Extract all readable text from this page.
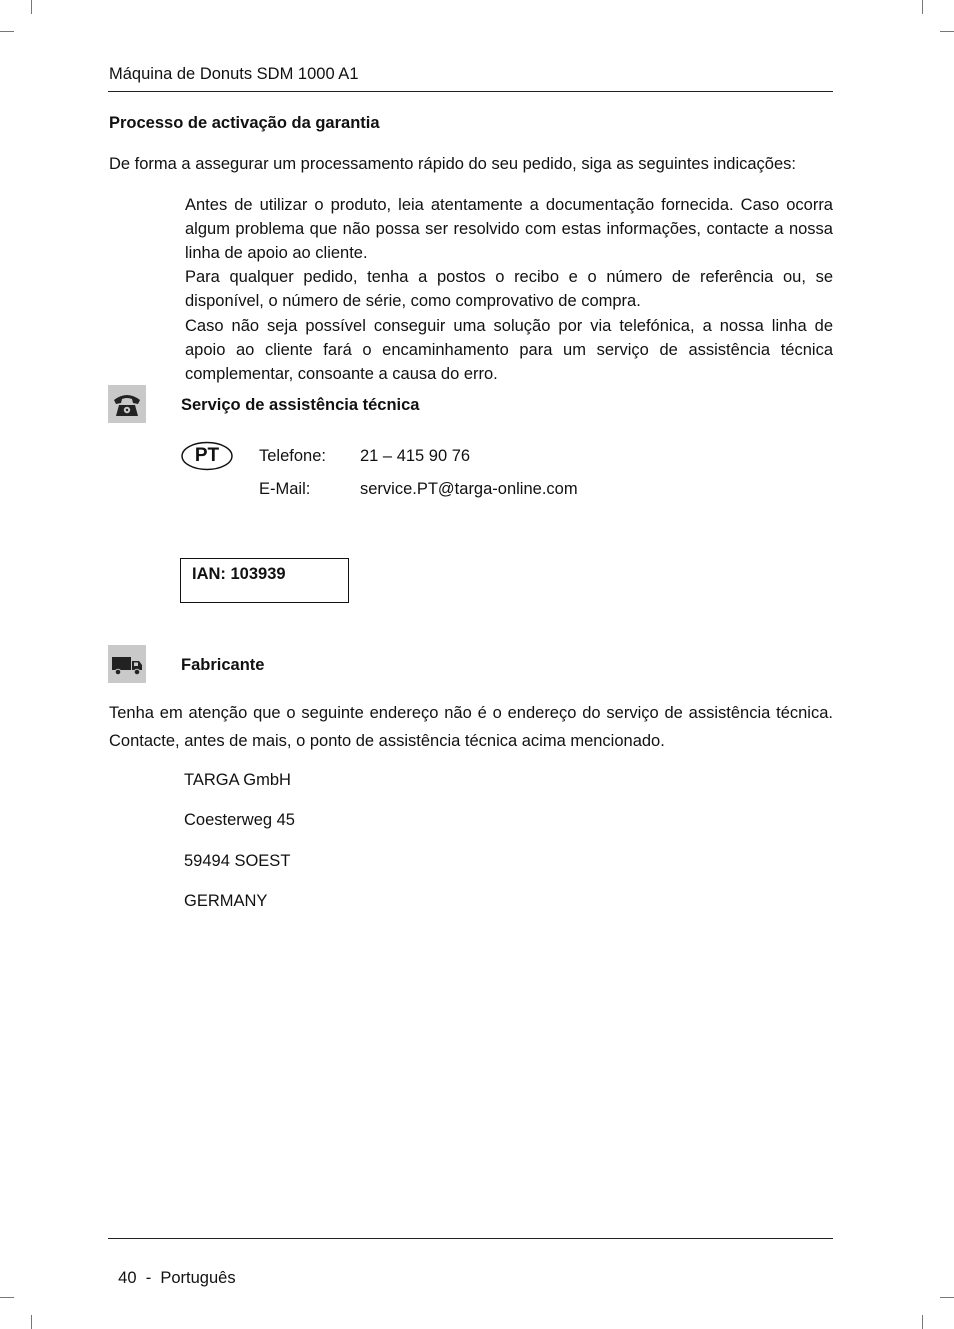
Máquina de Donuts SDM 1000 A1
Processo de activação da garantia
De forma a assegurar um processamento rápido do seu pedido, siga as seguintes indicações:
Antes de utilizar o produto, leia atentamente a documentação fornecida. Caso ocorra algum problema que não possa ser resolvido com estas informações, contacte a nossa linha de apoio ao cliente.
Para qualquer pedido, tenha a postos o recibo e o número de referência ou, se disponível, o número de série, como comprovativo de compra.
Caso não seja possível conseguir uma solução por via telefónica, a nossa linha de apoio ao cliente fará o encaminhamento para um serviço de assistência técnica complementar, consoante a causa do erro.
Serviço de assistência técnica
PT	Telefone: 21 – 415 90 76
E-Mail:	service.PT@targa-online.com
IAN: 103939
Fabricante
Tenha em atenção que o seguinte endereço não é o endereço do serviço de assistência técnica. Contacte, antes de mais, o ponto de assistência técnica acima mencionado.
TARGA GmbH
Coesterweg 45
59494 SOEST
GERMANY

40 - Português
